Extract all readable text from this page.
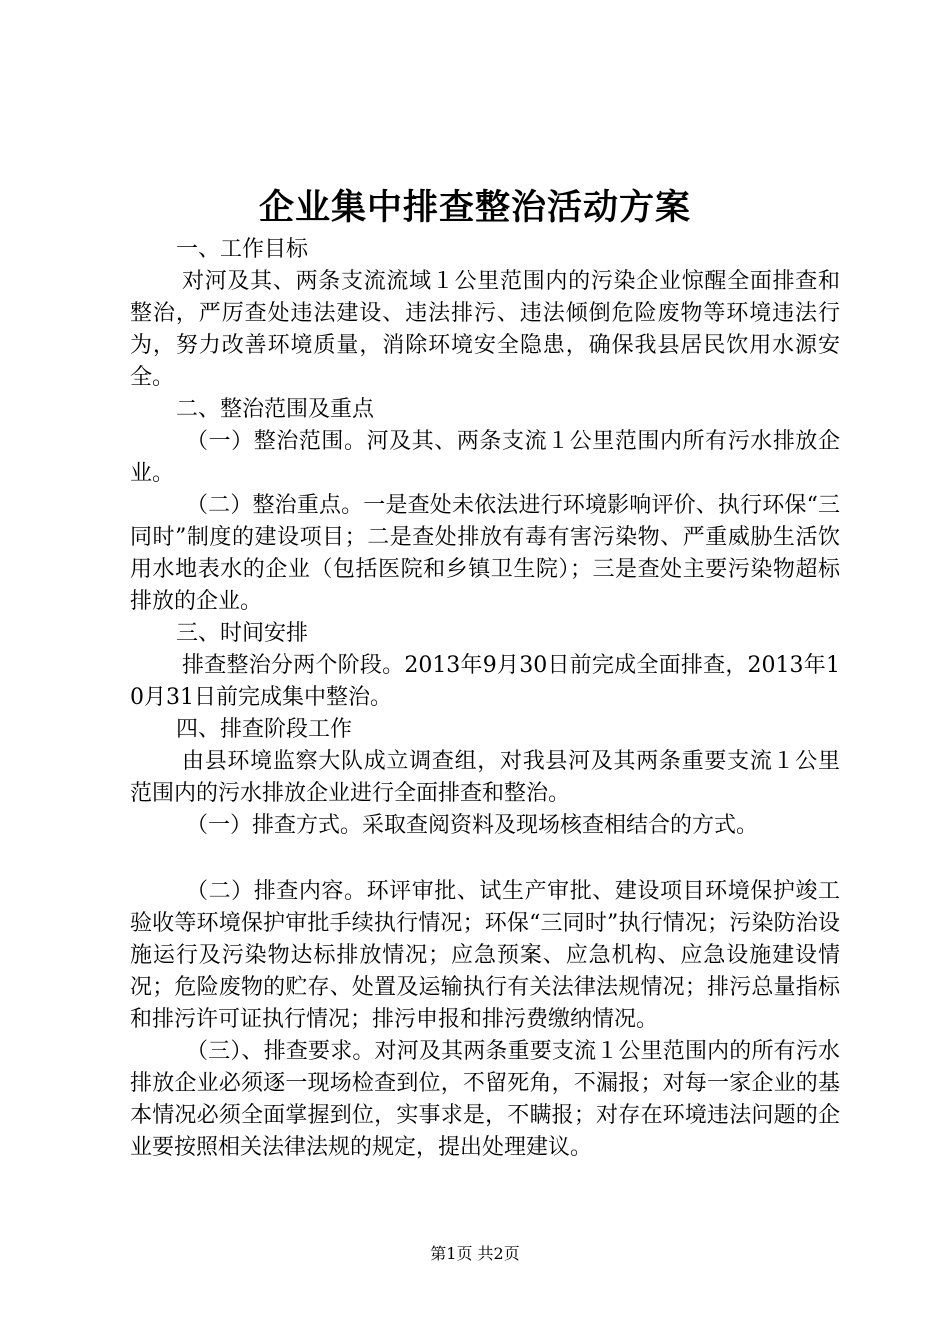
企业集中排查整治活动方案

一、工作目标

对河及其、两条支流流域１公里范围内的污染企业惊醒全面排查和整治，严厉查处违法建设、违法排污、违法倾倒危险废物等环境违法行为，努力改善环境质量，消除环境安全隐患，确保我县居民饮用水源安全。

二、整治范围及重点

（一）整治范围。河及其、两条支流１公里范围内所有污水排放企业。

（二）整治重点。一是查处未依法进行环境影响评价、执行环保“三同时”制度的建设项目；二是查处排放有毒有害污染物、严重威胁生活饮用水地表水的企业（包括医院和乡镇卫生院）；三是查处主要污染物超标排放的企业。

三、时间安排

排查整治分两个阶段。2013年9月30日前完成全面排查，2013年10月31日前完成集中整治。

四、排查阶段工作

由县环境监察大队成立调查组，对我县河及其两条重要支流１公里范围内的污水排放企业进行全面排查和整治。

（一）排查方式。采取查阅资料及现场核查相结合的方式。

（二）排查内容。环评审批、试生产审批、建设项目环境保护竣工验收等环境保护审批手续执行情况；环保“三同时”执行情况；污染防治设施运行及污染物达标排放情况；应急预案、应急机构、应急设施建设情况；危险废物的贮存、处置及运输执行有关法律法规情况；排污总量指标和排污许可证执行情况；排污申报和排污费缴纳情况。

（三）、排查要求。对河及其两条重要支流１公里范围内的所有污水排放企业必须逐一现场检查到位，不留死角，不漏报；对每一家企业的基本情况必须全面掌握到位，实事求是，不瞒报；对存在环境违法问题的企业要按照相关法律法规的规定，提出处理建议。

第1页 共2页
